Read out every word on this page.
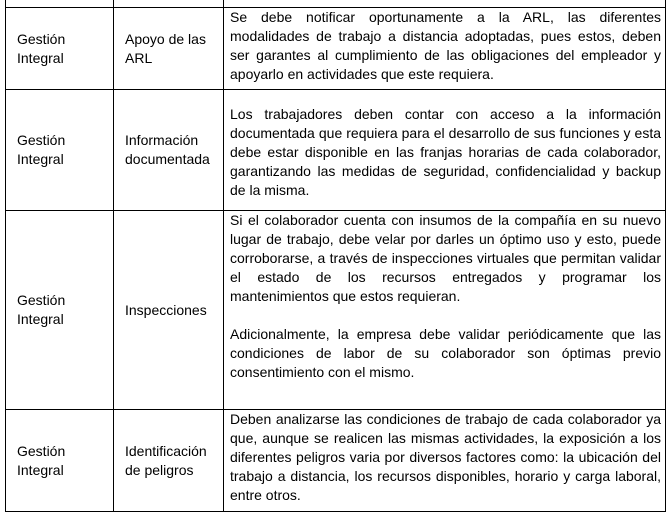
Gestión Integral	Apoyo de las ARL	Se debe notificar oportunamente a la ARL, las diferentes modalidades de trabajo a distancia adoptadas, pues estos, deben ser garantes al cumplimiento de las obligaciones del empleador y apoyarlo en actividades que este requiera.

Gestión Integral	Información documentada	Los trabajadores deben contar con acceso a la información documentada que requiera para el desarrollo de sus funciones y esta debe estar disponible en las franjas horarias de cada colaborador, garantizando las medidas de seguridad, confidencialidad y backup de la misma.

Gestión Integral	Inspecciones	Si el colaborador cuenta con insumos de la compañía en su nuevo lugar de trabajo, debe velar por darles un óptimo uso y esto, puede corroborarse, a través de inspecciones virtuales que permitan validar el estado de los recursos entregados y programar los mantenimientos que estos requieran.
Adicionalmente, la empresa debe validar periódicamente que las condiciones de labor de su colaborador son óptimas previo consentimiento con el mismo.

Gestión Integral	Identificación de peligros	Deben analizarse las condiciones de trabajo de cada colaborador ya que, aunque se realicen las mismas actividades, la exposición a los diferentes peligros varia por diversos factores como: la ubicación del trabajo a distancia, los recursos disponibles, horario y carga laboral, entre otros.
